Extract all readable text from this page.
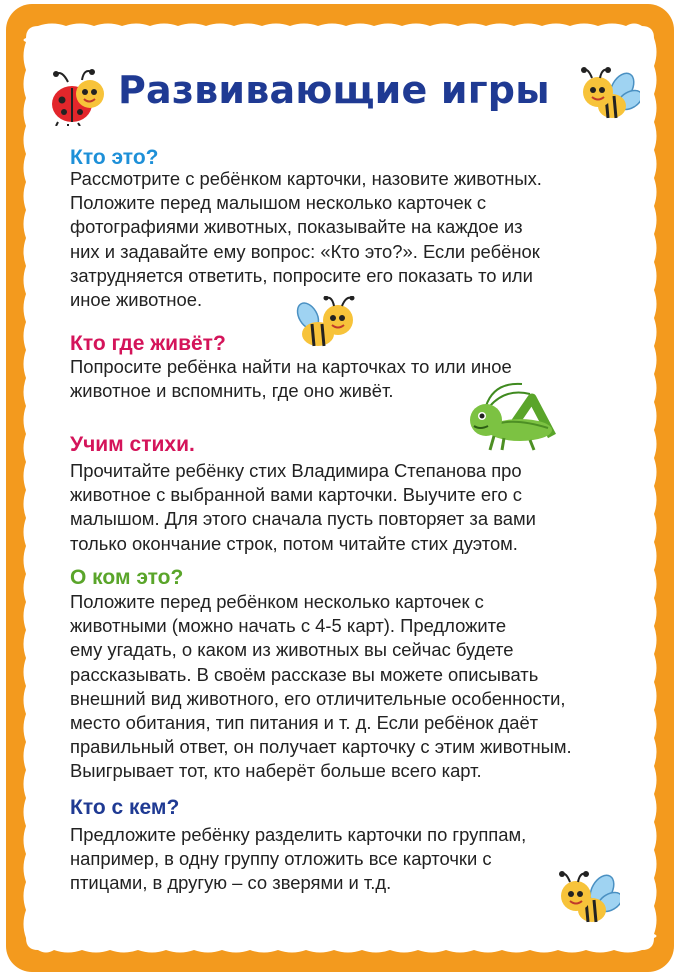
Развивающие игры
Кто это?
Рассмотрите с ребёнком карточки, назовите животных.
Положите перед малышом несколько карточек с
фотографиями животных, показывайте на каждое из
них и задавайте ему вопрос: «Кто это?». Если ребёнок
затрудняется ответить, попросите его показать то или
иное животное.
Кто где живёт?
Попросите ребёнка найти на карточках то или иное
животное и вспомнить, где оно живёт.
Учим стихи.
Прочитайте ребёнку стих Владимира Степанова про
животное с выбранной вами карточки. Выучите его с
малышом. Для этого сначала пусть повторяет за вами
только окончание строк, потом читайте стих дуэтом.
О ком это?
Положите перед ребёнком несколько карточек с
животными (можно начать с 4-5 карт). Предложите
ему угадать, о каком из животных вы сейчас будете
рассказывать. В своём рассказе вы можете описывать
внешний вид животного, его отличительные особенности,
место обитания, тип питания и т. д. Если ребёнок даёт
правильный ответ, он получает карточку с этим животным.
Выигрывает тот, кто наберёт больше всего карт.
Кто с кем?
Предложите ребёнку разделить карточки по группам,
например, в одну группу отложить все карточки с
птицами, в другую – со зверями и т.д.
